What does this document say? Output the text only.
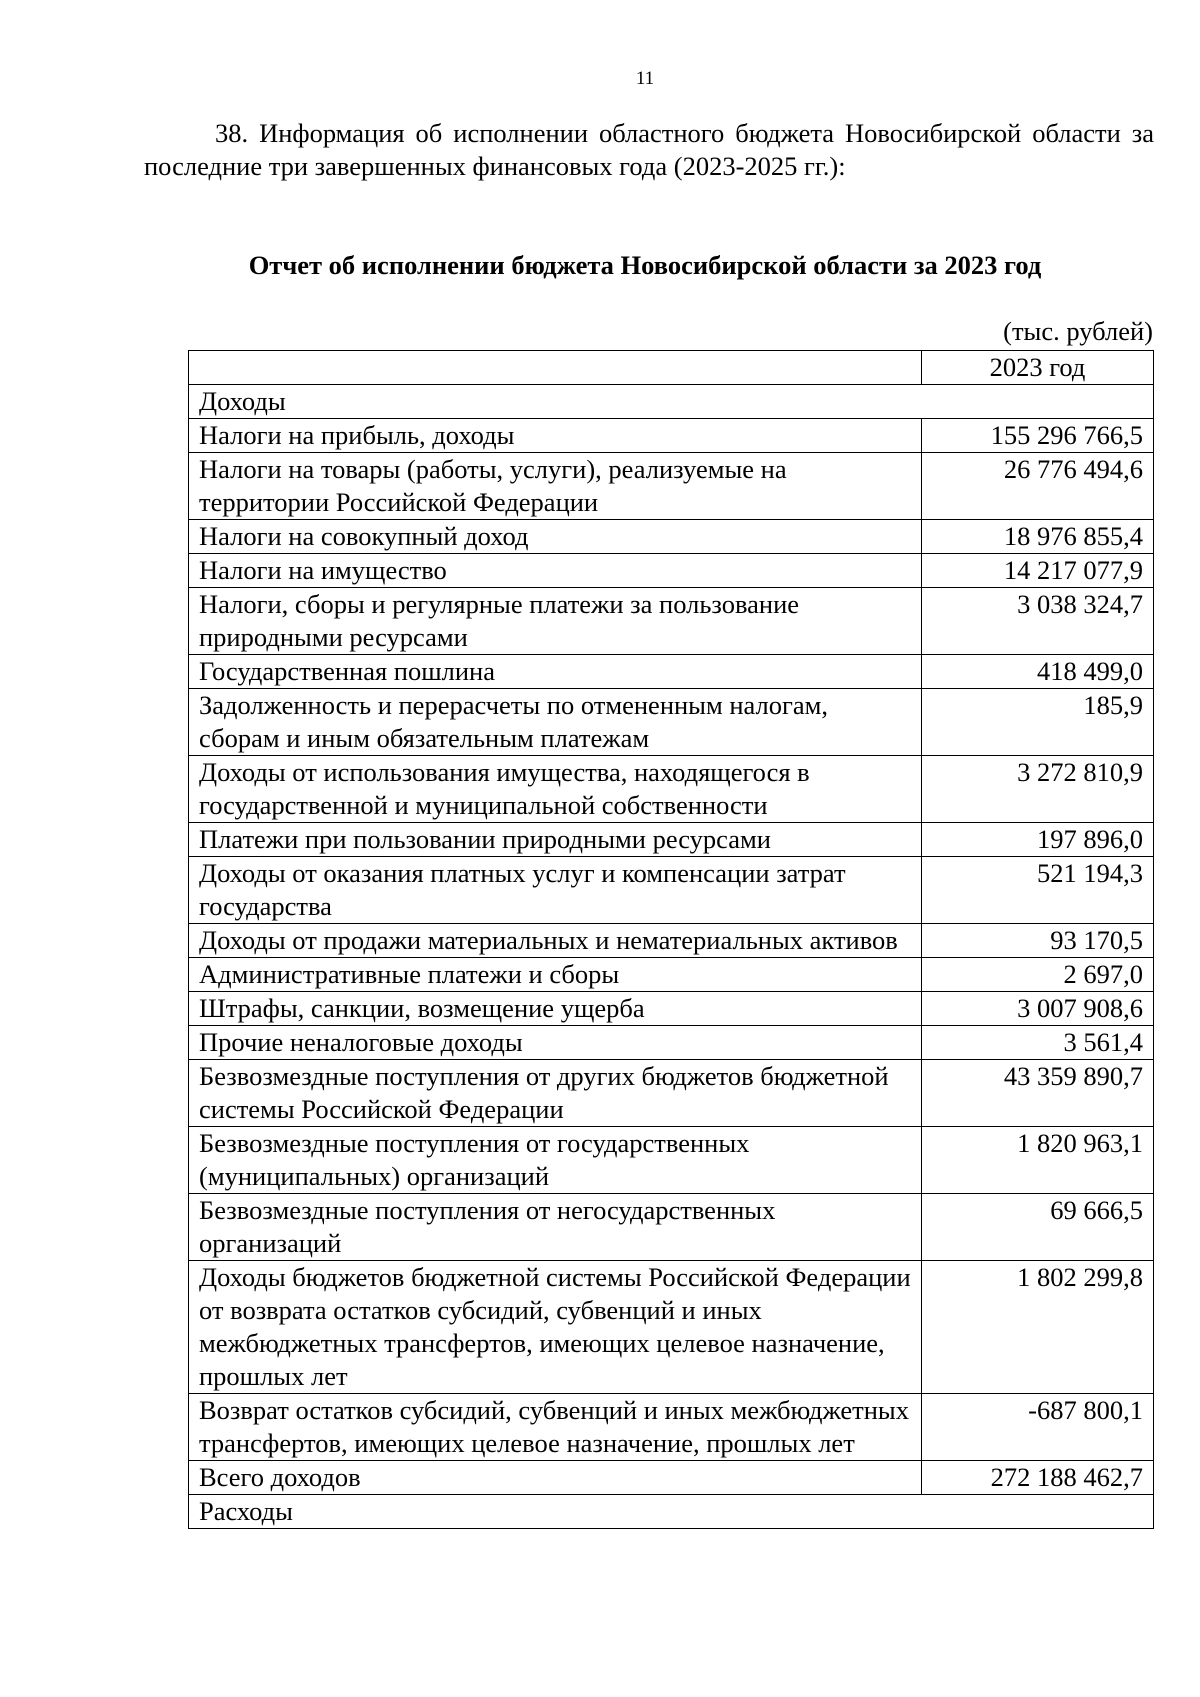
11
38. Информация об исполнении областного бюджета Новосибирской области за последние три завершенных финансовых года (2023-2025 гг.):
Отчет об исполнении бюджета Новосибирской области за 2023 год
(тыс. рублей)
	2023 год
Доходы	
Налоги на прибыль, доходы	155 296 766,5
Налоги на товары (работы, услуги), реализуемые на территории Российской Федерации	26 776 494,6
Налоги на совокупный доход	18 976 855,4
Налоги на имущество	14 217 077,9
Налоги, сборы и регулярные платежи за пользование природными ресурсами	3 038 324,7
Государственная пошлина	418 499,0
Задолженность и перерасчеты по отмененным налогам, сборам и иным обязательным платежам	185,9
Доходы от использования имущества, находящегося в государственной и муниципальной собственности	3 272 810,9
Платежи при пользовании природными ресурсами	197 896,0
Доходы от оказания платных услуг и компенсации затрат государства	521 194,3
Доходы от продажи материальных и нематериальных активов	93 170,5
Административные платежи и сборы	2 697,0
Штрафы, санкции, возмещение ущерба	3 007 908,6
Прочие неналоговые доходы	3 561,4
Безвозмездные поступления от других бюджетов бюджетной системы Российской Федерации	43 359 890,7
Безвозмездные поступления от государственных (муниципальных) организаций	1 820 963,1
Безвозмездные поступления от негосударственных организаций	69 666,5
Доходы бюджетов бюджетной системы Российской Федерации от возврата остатков субсидий, субвенций и иных межбюджетных трансфертов, имеющих целевое назначение, прошлых лет	1 802 299,8
Возврат остатков субсидий, субвенций и иных межбюджетных трансфертов, имеющих целевое назначение, прошлых лет	-687 800,1
Всего доходов	272 188 462,7
Расходы	
